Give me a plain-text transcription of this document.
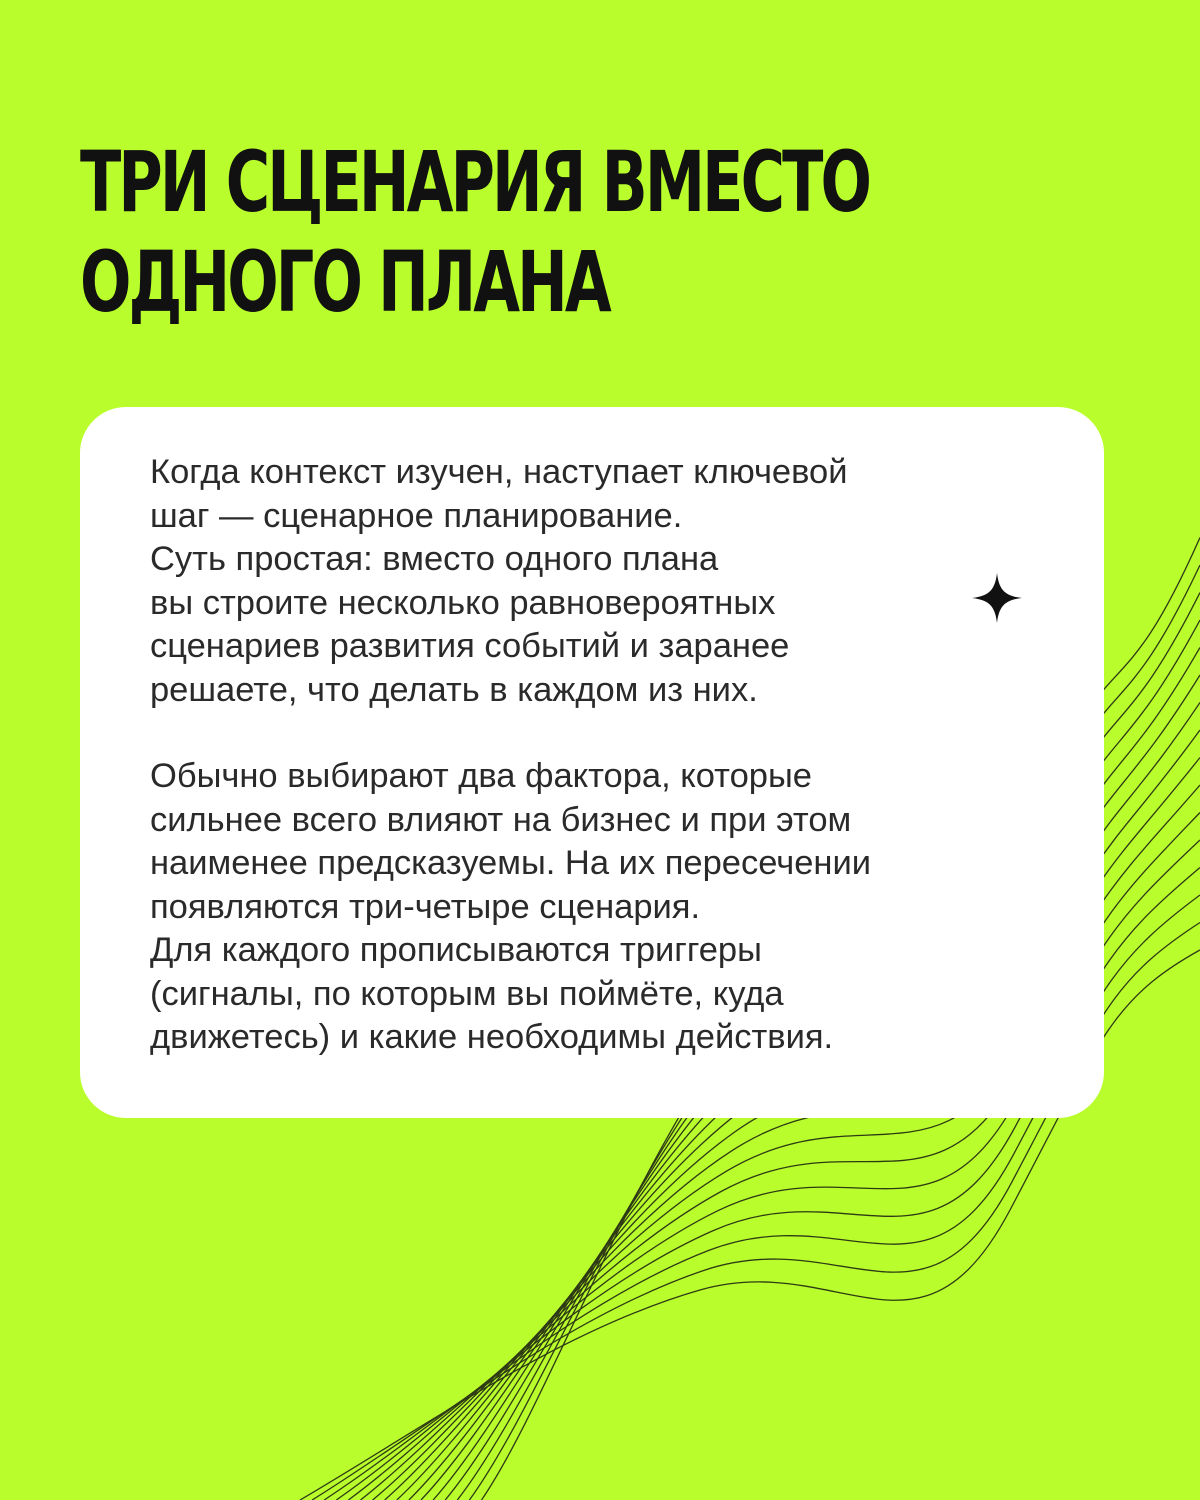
ТРИ СЦЕНАРИЯ ВМЕСТО
ОДНОГО ПЛАНА

Когда контекст изучен, наступает ключевой
шаг — сценарное планирование.
Суть простая: вместо одного плана
вы строите несколько равновероятных
сценариев развития событий и заранее
решаете, что делать в каждом из них.

Обычно выбирают два фактора, которые
сильнее всего влияют на бизнес и при этом
наименее предсказуемы. На их пересечении
появляются три-четыре сценария.
Для каждого прописываются триггеры
(сигналы, по которым вы поймёте, куда
движетесь) и какие необходимы действия.
